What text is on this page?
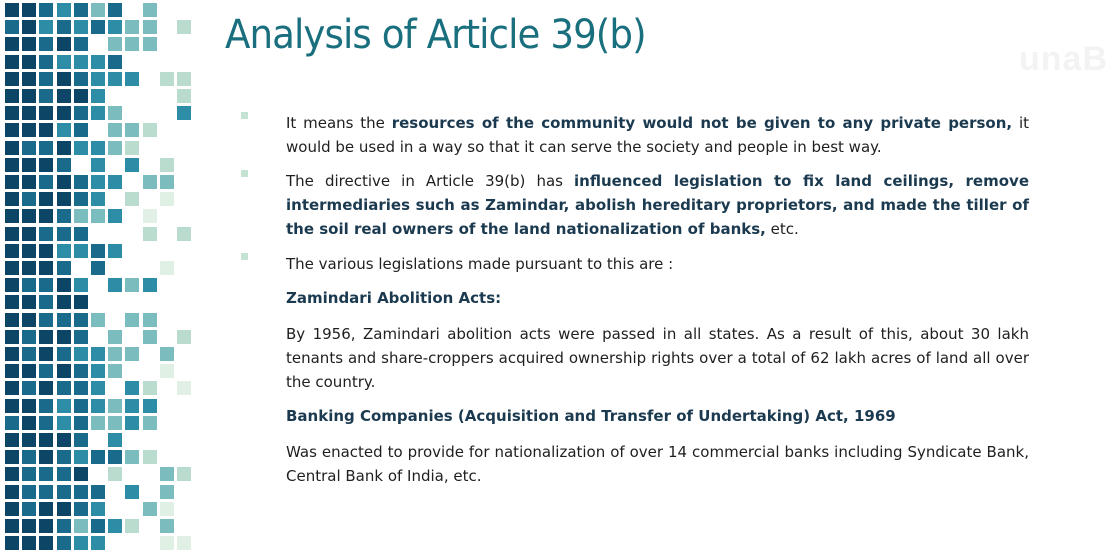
unaB
Analysis of Article 39(b)

It means the resources of the community would not be given to any private person, it would be used in a way so that it can serve the society and people in best way.

The directive in Article 39(b) has influenced legislation to fix land ceilings, remove intermediaries such as Zamindar, abolish hereditary proprietors, and made the tiller of the soil real owners of the land nationalization of banks, etc.

The various legislations made pursuant to this are :

Zamindari Abolition Acts:

By 1956, Zamindari abolition acts were passed in all states. As a result of this, about 30 lakh tenants and share-croppers acquired ownership rights over a total of 62 lakh acres of land all over the country.

Banking Companies (Acquisition and Transfer of Undertaking) Act, 1969

Was enacted to provide for nationalization of over 14 commercial banks including Syndicate Bank, Central Bank of India, etc.
